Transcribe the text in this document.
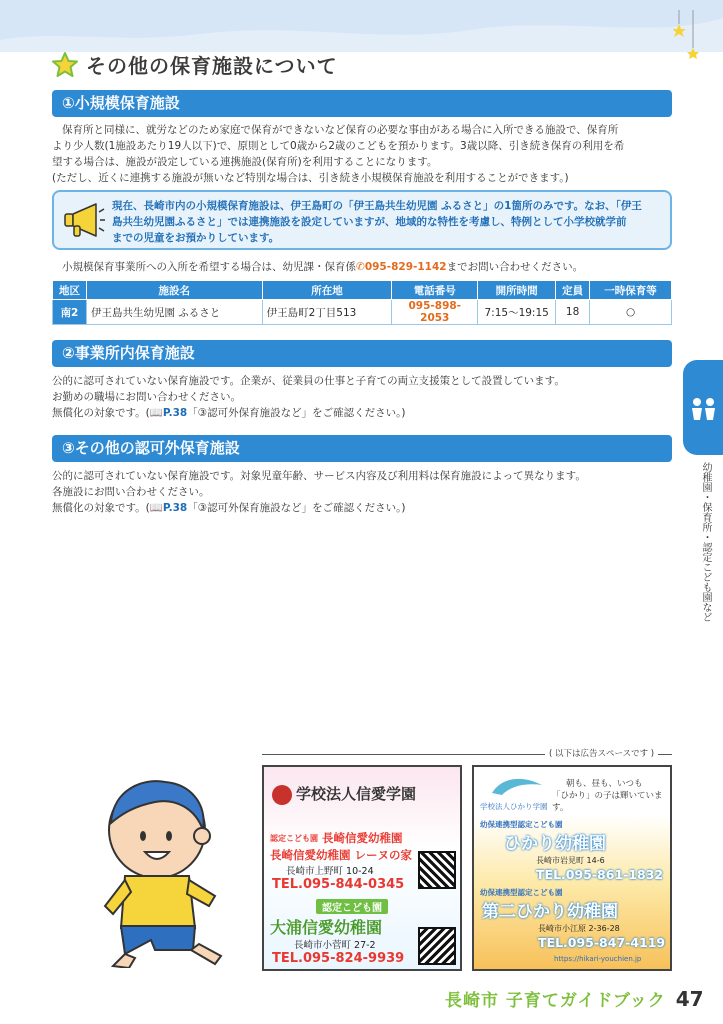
その他の保育施設について
①小規模保育施設
保育所と同様に、就労などのため家庭で保育ができないなど保育の必要な事由がある場合に入所できる施設で、保育所
より少人数(1施設あたり19人以下)で、原則として0歳から2歳のこどもを預かります。3歳以降、引き続き保育の利用を希
望する場合は、施設が設定している連携施設(保育所)を利用することになります。
(ただし、近くに連携する施設が無いなど特別な場合は、引き続き小規模保育施設を利用することができます。)
現在、長崎市内の小規模保育施設は、伊王島町の「伊王島共生幼児園 ふるさと」の1箇所のみです。なお、「伊王
島共生幼児園ふるさと」では連携施設を設定していますが、地域的な特性を考慮し、特例として小学校就学前
までの児童をお預かりしています。
小規模保育事業所への入所を希望する場合は、幼児課・保育係✆095-829-1142までお問い合わせください。
地区	施設名	所在地	電話番号	開所時間	定員	一時保育等
南2	伊王島共生幼児園 ふるさと	伊王島町2丁目513	095-898-2053	7:15〜19:15	18	○
②事業所内保育施設
公的に認可されていない保育施設です。企業が、従業員の仕事と子育ての両立支援策として設置しています。
お勤めの職場にお問い合わせください。
無償化の対象です。(📖P.38「③認可外保育施設など」をご確認ください。)
③その他の認可外保育施設
公的に認可されていない保育施設です。対象児童年齢、サービス内容及び利用料は保育施設によって異なります。
各施設にお問い合わせください。
無償化の対象です。(📖P.38「③認可外保育施設など」をご確認ください。)	幼稚園・保育所・認定こども園など
( 以下は広告スペースです )
学校法人信愛学園
認定こども園 長崎信愛幼稚園
長崎信愛幼稚園 レーヌの家
長崎市上野町 10-24
TEL.095-844-0345
認定こども園
大浦信愛幼稚園
長崎市小菅町 27-2
TEL.095-824-9939
朝も、昼も、いつも
「ひかり」の子は輝いています。
学校法人ひかり学園
幼保連携型認定こども園
ひかり幼稚園
長崎市岩見町 14-6
TEL.095-861-1832
幼保連携型認定こども園
第二ひかり幼稚園
長崎市小江原 2-36-28
TEL.095-847-4119
https://hikari-youchien.jp
長崎市 子育てガイドブック 47
